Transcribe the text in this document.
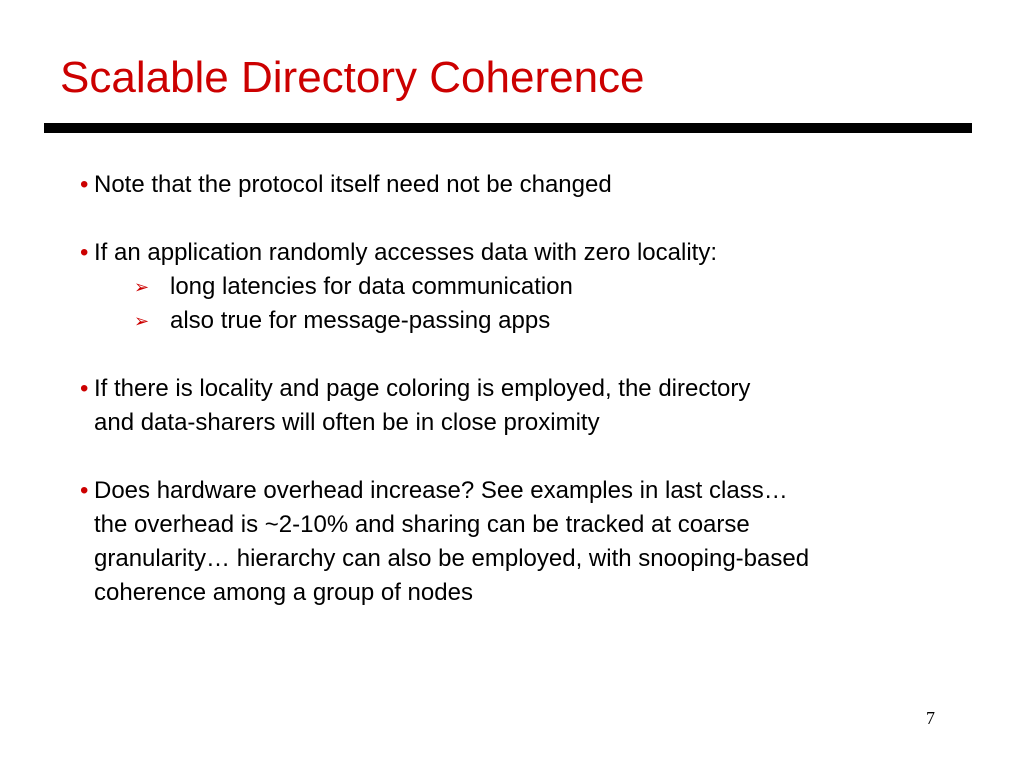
Scalable Directory Coherence
• Note that the protocol itself need not be changed
• If an application randomly accesses data with zero locality:
➢ long latencies for data communication
➢ also true for message-passing apps
• If there is locality and page coloring is employed, the directory
and data-sharers will often be in close proximity
• Does hardware overhead increase? See examples in last class…
the overhead is ~2-10% and sharing can be tracked at coarse
granularity… hierarchy can also be employed, with snooping-based
coherence among a group of nodes
7
